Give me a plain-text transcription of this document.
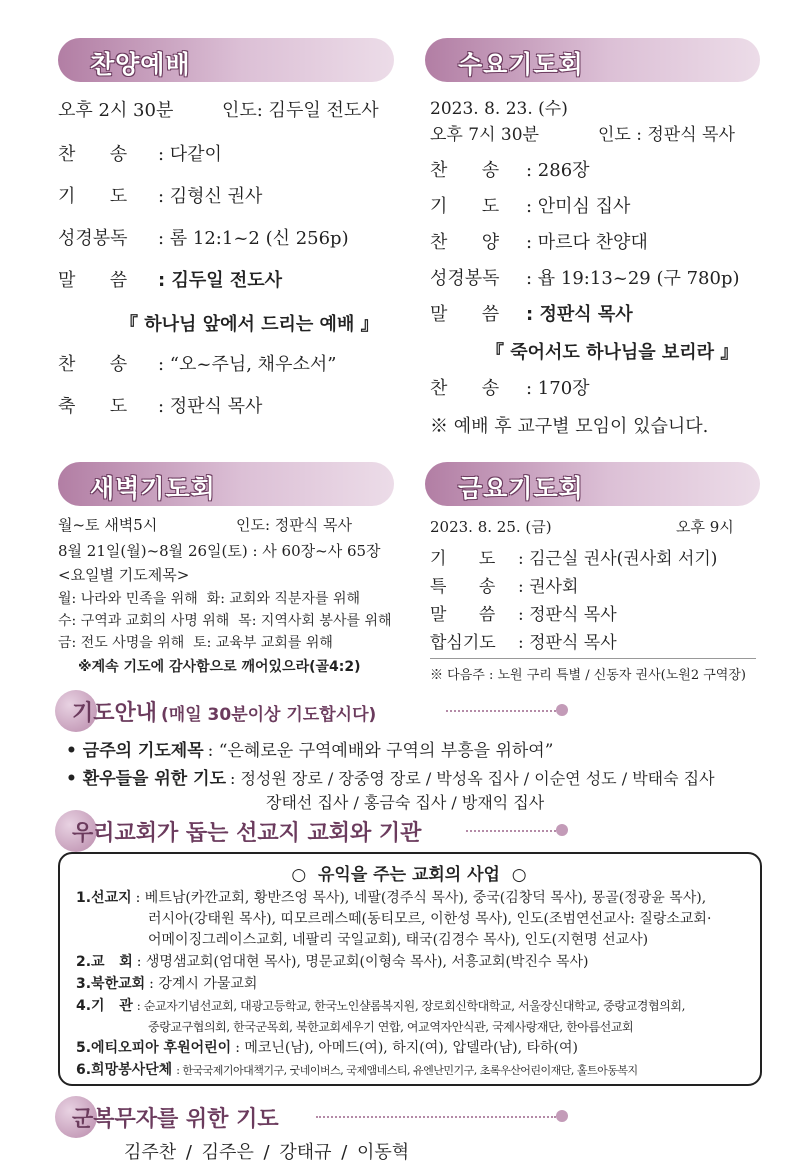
찬양예배
오후 2시 30분	인도: 김두일 전도사
찬      송 : 다같이
기      도 : 김형신 권사
성경봉독 : 롬 12:1~2 (신 256p)
말      씀 : 김두일 전도사
『 하나님 앞에서 드리는 예배 』
찬      송 : “오~주님, 채우소서”
축      도 : 정판식 목사
수요기도회
2023. 8. 23. (수)
오후 7시 30분	인도 : 정판식 목사
찬      송 : 286장
기      도 : 안미심 집사
찬      양 : 마르다 찬양대
성경봉독 : 욥 19:13~29 (구 780p)
말      씀 : 정판식 목사
『 죽어서도 하나님을 보리라 』
찬      송 : 170장
※ 예배 후 교구별 모임이 있습니다.
새벽기도회
월~토 새벽5시	인도: 정판식 목사
8월 21일(월)~8월 26일(토) : 사 60장~사 65장
<요일별 기도제목>
월: 나라와 민족을 위해  화: 교회와 직분자를 위해
수: 구역과 교회의 사명 위해  목: 지역사회 봉사를 위해
금: 전도 사명을 위해  토: 교육부 교회를 위해
※계속 기도에 감사함으로 깨어있으라(골4:2)
금요기도회
2023. 8. 25. (금)	오후 9시
기      도 : 김근실 권사(권사회 서기)
특      송 : 권사회
말      씀 : 정판식 목사
합심기도 : 정판식 목사
※ 다음주 : 노원 구리 특별 / 신동자 권사(노원2 구역장)
기도안내 (매일 30분이상 기도합시다)
• 금주의 기도제목 : “은혜로운 구역예배와 구역의 부흥을 위하여”
• 환우들을 위한 기도 : 정성원 장로 / 장중영 장로 / 박성옥 집사 / 이순연 성도 / 박태숙 집사
장태선 집사 / 홍금숙 집사 / 방재익 집사
우리교회가 돕는 선교지 교회와 기관
○  유익을 주는 교회의 사업  ○
1.선교지 : 베트남(카깐교회, 황반즈엉 목사), 네팔(경주식 목사), 중국(김창덕 목사), 몽골(정광윤 목사),
러시아(강태원 목사), 띠모르레스떼(동티모르, 이한성 목사), 인도(조범연선교사: 질랑소교회·
어메이징그레이스교회, 네팔리 국일교회), 태국(김경수 목사), 인도(지현명 선교사)
2.교   회 : 생명샘교회(엄대현 목사), 명문교회(이형숙 목사), 서흥교회(박진수 목사)
3.북한교회 : 강계시 가물교회
4.기   관 : 순교자기념선교회, 대광고등학교, 한국노인샬롬복지원, 장로회신학대학교, 서울장신대학교, 중랑교경협의회,
중랑교구협의회, 한국군목회, 북한교회세우기 연합, 여교역자안식관, 국제사랑재단, 한아름선교회
5.에티오피아 후원어린이 : 메코닌(남), 아메드(여), 하지(여), 압델라(남), 타하(여)
6.희망봉사단체 : 한국국제기아대책기구, 굿네이버스, 국제앰네스티, 유엔난민기구, 초록우산어린이재단, 홀트아동복지
군복무자를 위한 기도
김주찬 / 김주은 / 강태규 / 이동혁
